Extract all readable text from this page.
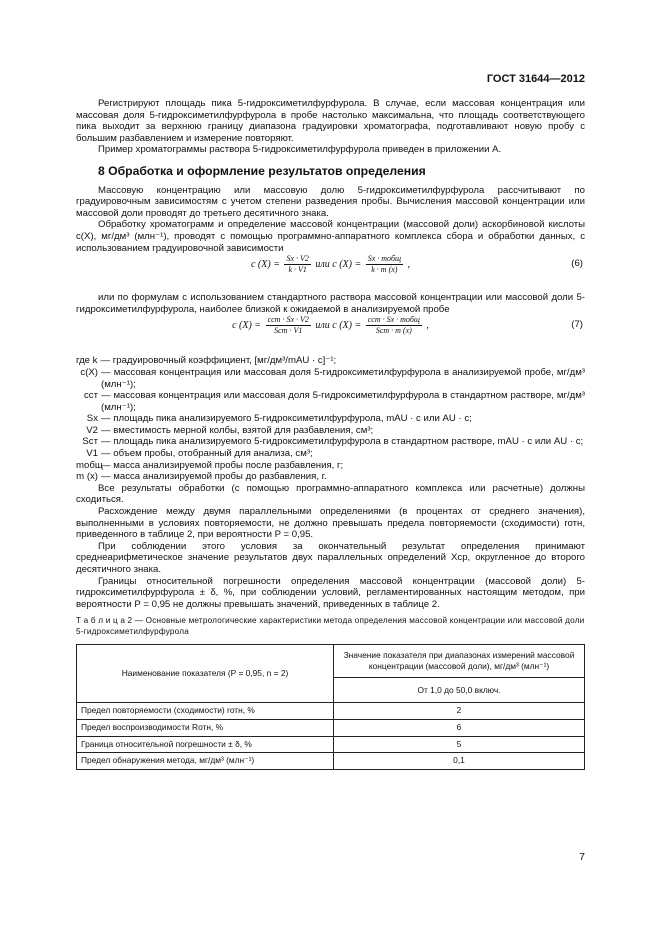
ГОСТ 31644—2012

Регистрируют площадь пика 5-гидроксиметилфурфурола. В случае, если массовая концентрация или массовая доля 5-гидроксиметилфурфурола в пробе настолько максимальна, что площадь соответствующего пика выходит за верхнюю границу диапазона градуировки хроматографа, подготавливают новую пробу с большим разбавлением и измерение повторяют.

Пример хроматограммы раствора 5-гидроксиметилфурфурола приведен в приложении А.

8 Обработка и оформление результатов определения

Массовую концентрацию или массовую долю 5-гидроксиметилфурфурола рассчитывают по градуировочным зависимостям с учетом степени разведения пробы. Вычисления массовой концентрации или массовой доли проводят до третьего десятичного знака.

Обработку хроматограмм и определение массовой концентрации (массовой доли) аскорбиновой кислоты c(X), мг/дм³ (млн⁻¹), проводят с помощью программно-аппаратного комплекса сбора и обработки данных, с использованием градуировочной зависимости

c $(X) = \frac{Sx \cdot V2}{k \cdot V1}$ или c (X) =
Sx · mобщ
k · m (x)	,	(6)

или по формулам с использованием стандартного раствора массовой концентрации или массовой доли 5-гидроксиметилфурфурола, наиболее близкой к ожидаемой в анализируемой пробе

c (X) =
cст · Sx · V2
Sст · V1	или c (X) =
cст · Sx · mобщ
Sст · m (x)	,	(7)
где k — градуировочный коэффициент, [мг/дм³/mAU · с]⁻¹;
c(X) — массовая концентрация или массовая доля 5-гидроксиметилфурфурола в анализируемой пробе, мг/дм³ (млн⁻¹);
cст — массовая концентрация или массовая доля 5-гидроксиметилфурфурола в стандартном растворе, мг/дм³ (млн⁻¹);
Sx — площадь пика анализируемого 5-гидроксиметилфурфурола, mAU · с или AU · с;
V2 — вместимость мерной колбы, взятой для разбавления, см³;
Sст — площадь пика анализируемого 5-гидроксиметилфурфурола в стандартном растворе, mAU · с или AU · с;
V1 — объем пробы, отобранный для анализа, см³;
mобщ
— масса анализируемой пробы после разбавления, г;
m (x) — масса анализируемой пробы до разбавления, г.

Все результаты обработки (с помощью программно-аппаратного комплекса или расчетные) должны сходиться.

Расхождение между двумя параллельными определениями (в процентах от среднего значения), выполненными в условиях повторяемости, не должно превышать предела повторяемости (сходимости) rотн, приведенного в таблице 2, при вероятности P = 0,95.

При соблюдении этого условия за окончательный результат определения принимают среднеарифметическое значение результатов двух параллельных определений Xср, округленное до второго десятичного знака.

Границы относительной погрешности определения массовой концентрации (массовой доли) 5-гидроксиметилфурфурола ± δ, %, при соблюдении условий, регламентированных настоящим методом, при вероятности P = 0,95 не должны превышать значений, приведенных в таблице 2.

Т а б л и ц а 2 — Основные метрологические характеристики метода определения массовой концентрации или массовой доли 5-гидроксиметилфурфурола
Наименование показателя (P = 0,95, n = 2)	Значение показателя при диапазонах измерений массовой концентрации (массовой доли), мг/дм³ (млн⁻¹)
	От 1,0 до 50,0 включ.
Предел повторяемости (сходимости) rотн, %	2
Предел воспроизводимости Rотн, %	6
Граница относительной погрешности ± δ, %	5
Предел обнаружения метода, мг/дм³ (млн⁻¹)	0,1
7
